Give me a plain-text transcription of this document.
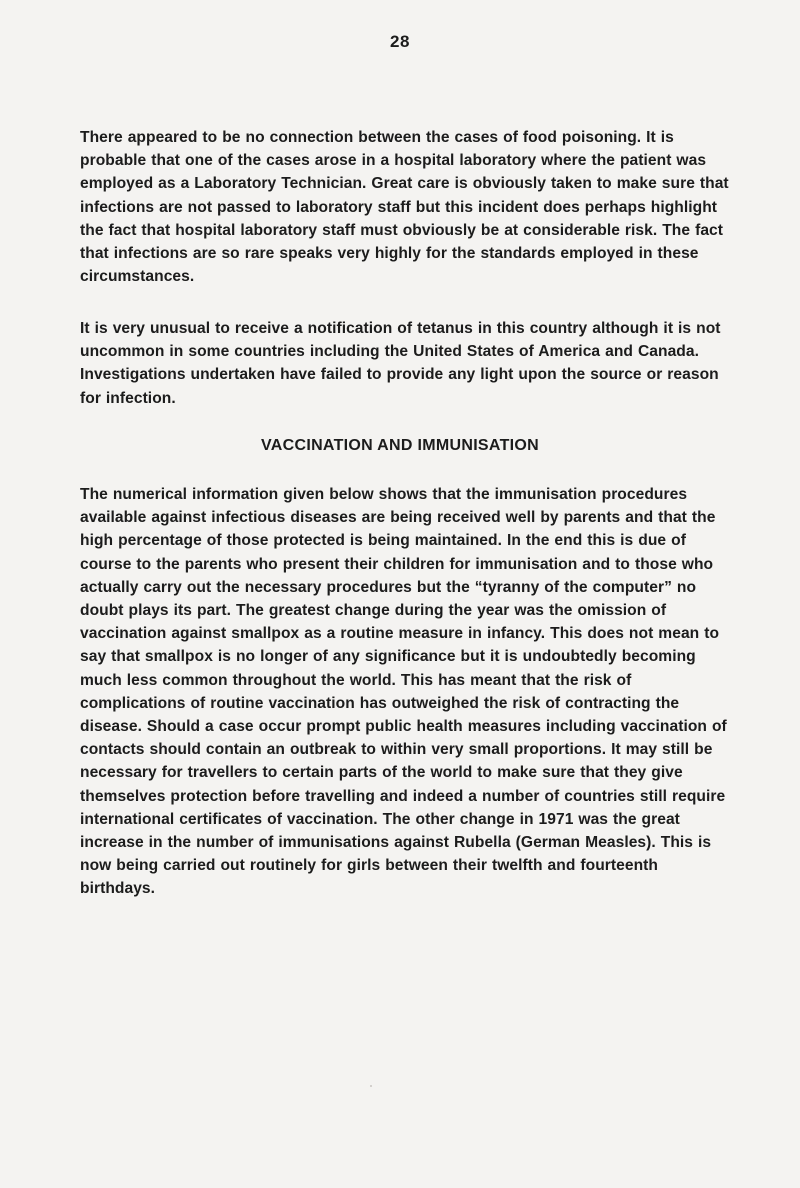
28

There appeared to be no connection between the cases of food poisoning. It is probable that one of the cases arose in a hospital laboratory where the patient was employed as a Laboratory Technician. Great care is obviously taken to make sure that infections are not passed to laboratory staff but this incident does perhaps highlight the fact that hospital laboratory staff must obviously be at considerable risk. The fact that infections are so rare speaks very highly for the standards employed in these circumstances.

It is very unusual to receive a notification of tetanus in this country although it is not uncommon in some countries including the United States of America and Canada. Investigations undertaken have failed to provide any light upon the source or reason for infection.

VACCINATION AND IMMUNISATION

The numerical information given below shows that the immunisation procedures available against infectious diseases are being received well by parents and that the high percentage of those protected is being maintained. In the end this is due of course to the parents who present their children for immunisation and to those who actually carry out the necessary procedures but the “tyranny of the computer” no doubt plays its part. The greatest change during the year was the omission of vaccination against smallpox as a routine measure in infancy. This does not mean to say that smallpox is no longer of any significance but it is undoubtedly becoming much less common throughout the world. This has meant that the risk of complications of routine vaccination has outweighed the risk of contracting the disease. Should a case occur prompt public health measures including vaccination of contacts should contain an outbreak to within very small proportions. It may still be necessary for travellers to certain parts of the world to make sure that they give themselves protection before travelling and indeed a number of countries still require international certificates of vaccination. The other change in 1971 was the great increase in the number of immunisations against Rubella (German Measles). This is now being carried out routinely for girls between their twelfth and fourteenth birthdays.
